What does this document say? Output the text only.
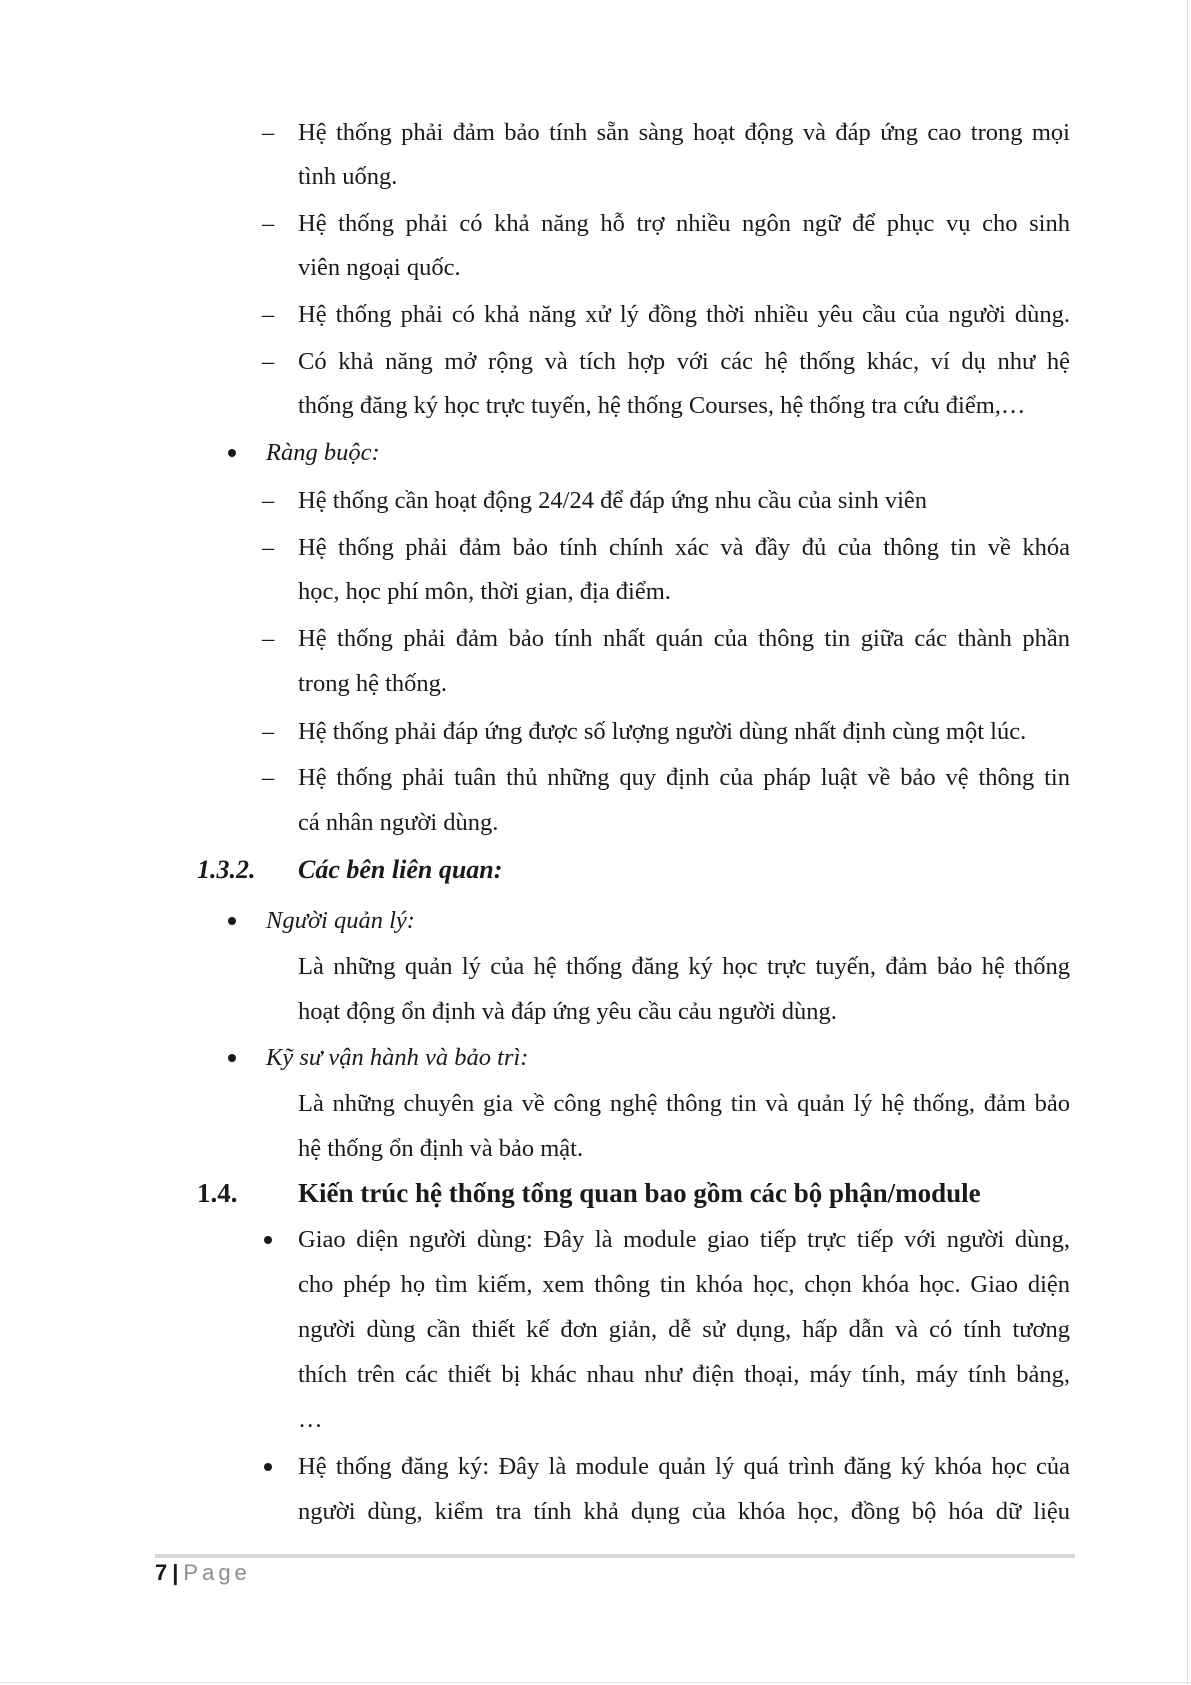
– Hệ thống phải đảm bảo tính sẵn sàng hoạt động và đáp ứng cao trong mọi
tình uống.
– Hệ thống phải có khả năng hỗ trợ nhiều ngôn ngữ để phục vụ cho sinh
viên ngoại quốc.
– Hệ thống phải có khả năng xử lý đồng thời nhiều yêu cầu của người dùng.
– Có khả năng mở rộng và tích hợp với các hệ thống khác, ví dụ như hệ
thống đăng ký học trực tuyến, hệ thống Courses, hệ thống tra cứu điểm,…
Ràng buộc:
– Hệ thống cần hoạt động 24/24 để đáp ứng nhu cầu của sinh viên
– Hệ thống phải đảm bảo tính chính xác và đầy đủ của thông tin về khóa
học, học phí môn, thời gian, địa điểm.
– Hệ thống phải đảm bảo tính nhất quán của thông tin giữa các thành phần
trong hệ thống.
– Hệ thống phải đáp ứng được số lượng người dùng nhất định cùng một lúc.
– Hệ thống phải tuân thủ những quy định của pháp luật về bảo vệ thông tin
cá nhân người dùng.
1.3.2. Các bên liên quan:
Người quản lý:
Là những quản lý của hệ thống đăng ký học trực tuyến, đảm bảo hệ thống
hoạt động ổn định và đáp ứng yêu cầu cảu người dùng.
Kỹ sư vận hành và bảo trì:
Là những chuyên gia về công nghệ thông tin và quản lý hệ thống, đảm bảo
hệ thống ổn định và bảo mật.
1.4. Kiến trúc hệ thống tổng quan bao gồm các bộ phận/module
Giao diện người dùng: Đây là module giao tiếp trực tiếp với người dùng,
cho phép họ tìm kiếm, xem thông tin khóa học, chọn khóa học. Giao diện
người dùng cần thiết kế đơn giản, dễ sử dụng, hấp dẫn và có tính tương
thích trên các thiết bị khác nhau như điện thoại, máy tính, máy tính bảng,
…
Hệ thống đăng ký: Đây là module quản lý quá trình đăng ký khóa học của
người dùng, kiểm tra tính khả dụng của khóa học, đồng bộ hóa dữ liệu
7 | Page
